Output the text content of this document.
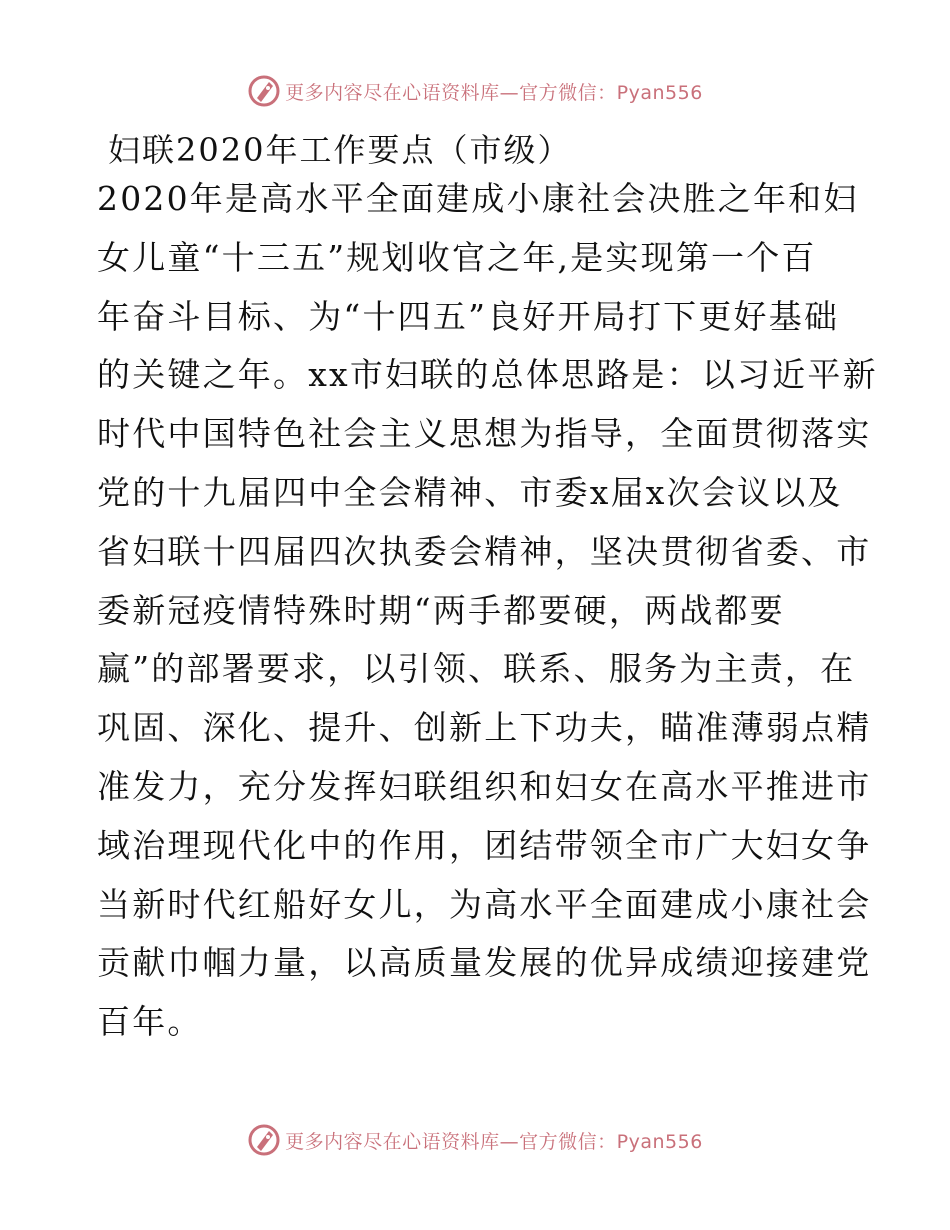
更多内容尽在心语资料库—官方微信：Pyan556
妇联2020年工作要点（市级）
2020年是高水平全面建成小康社会决胜之年和妇
女儿童“十三五”规划收官之年,是实现第一个百
年奋斗目标、为“十四五”良好开局打下更好基础
的关键之年。xx市妇联的总体思路是：以习近平新
时代中国特色社会主义思想为指导，全面贯彻落实
党的十九届四中全会精神、市委x届x次会议以及
省妇联十四届四次执委会精神，坚决贯彻省委、市
委新冠疫情特殊时期“两手都要硬，两战都要
赢”的部署要求，以引领、联系、服务为主责，在
巩固、深化、提升、创新上下功夫，瞄准薄弱点精
准发力，充分发挥妇联组织和妇女在高水平推进市
域治理现代化中的作用，团结带领全市广大妇女争
当新时代红船好女儿，为高水平全面建成小康社会
贡献巾帼力量，以高质量发展的优异成绩迎接建党
百年。
更多内容尽在心语资料库—官方微信：Pyan556
